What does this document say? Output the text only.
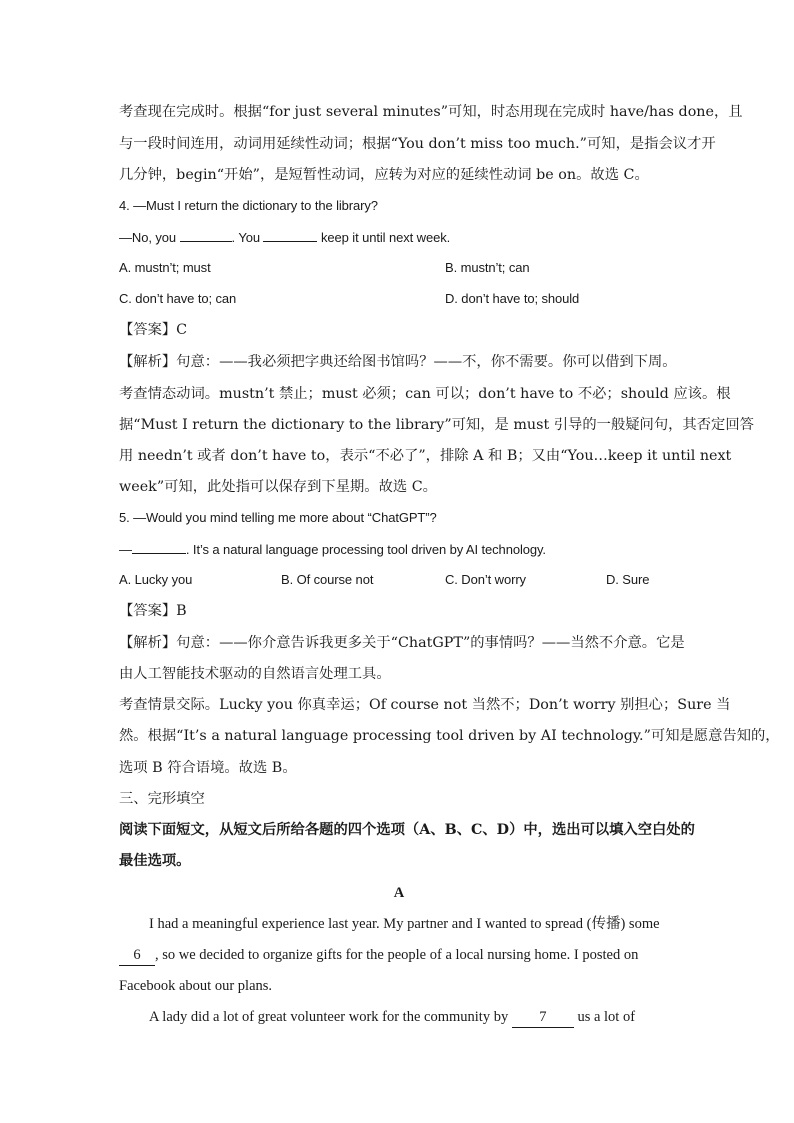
考查现在完成时。根据“for just several minutes”可知，时态用现在完成时 have/has done，且
与一段时间连用，动词用延续性动词；根据“You don’t miss too much.”可知，是指会议才开
几分钟，begin“开始”，是短暂性动词，应转为对应的延续性动词 be on。故选 C。
4. —Must I return the dictionary to the library?
—No, you	. You	keep it until next week.
A. mustn’t; must	B. mustn’t; can
C. don’t have to; can	D. don’t have to; should
【答案】C
【解析】句意：——我必须把字典还给图书馆吗？——不，你不需要。你可以借到下周。
考查情态动词。mustn’t 禁止；must 必须；can 可以；don’t have to 不必；should 应该。根
据“Must I return the dictionary to the library”可知，是 must 引导的一般疑问句，其否定回答
用 needn’t 或者 don’t have to，表示“不必了”，排除 A 和 B；又由“You…keep it until next
week”可知，此处指可以保存到下星期。故选 C。
5. —Would you mind telling me more about “ChatGPT”?
—	. It’s a natural language processing tool driven by AI technology.
A. Lucky you	B. Of course not	C. Don’t worry	D. Sure
【答案】B
【解析】句意：——你介意告诉我更多关于“ChatGPT”的事情吗？——当然不介意。它是
由人工智能技术驱动的自然语言处理工具。
考查情景交际。Lucky you 你真幸运；Of course not 当然不；Don’t worry 别担心；Sure 当
然。根据“It’s a natural language processing tool driven by AI technology.”可知是愿意告知的，
选项 B 符合语境。故选 B。
三、完形填空
阅读下面短文，从短文后所给各题的四个选项（A、B、C、D）中，选出可以填入空白处的
最佳选项。
A
I had a meaningful experience last year. My partner and I wanted to spread (传播) some
6 , so we decided to organize gifts for the people of a local nursing home. I posted on
Facebook about our plans.
A lady did a lot of great volunteer work for the community by 7 us a lot of
